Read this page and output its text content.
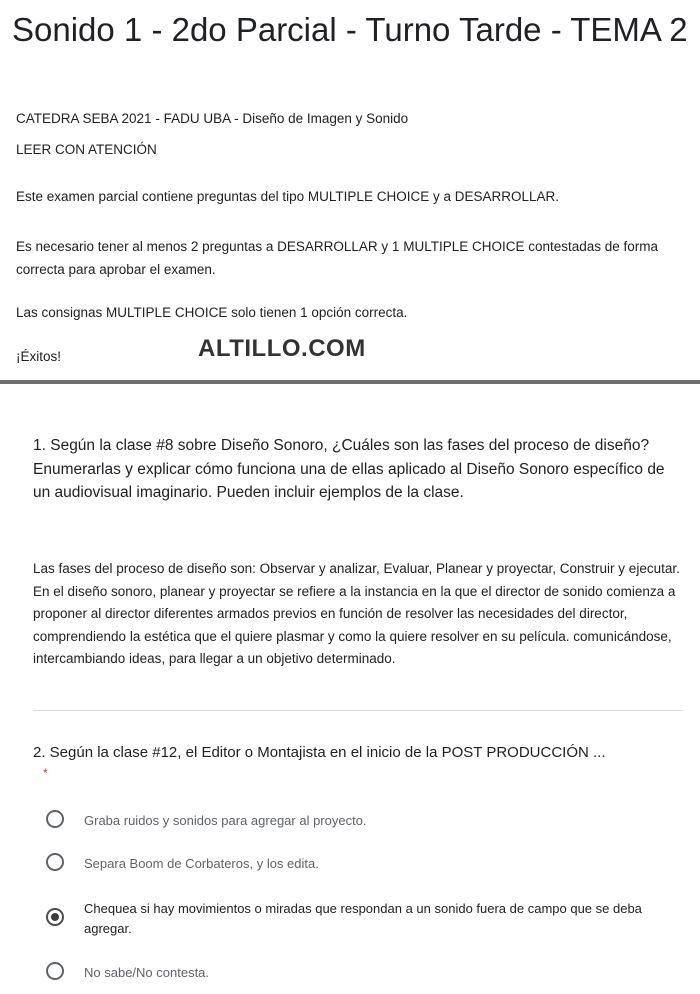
Sonido 1 - 2do Parcial - Turno Tarde - TEMA 2
CATEDRA SEBA 2021 - FADU UBA - Diseño de Imagen y Sonido
LEER CON ATENCIÓN
Este examen parcial contiene preguntas del tipo MULTIPLE CHOICE y a DESARROLLAR.
Es necesario tener al menos 2 preguntas a DESARROLLAR y 1 MULTIPLE CHOICE contestadas de forma correcta para aprobar el examen.
Las consignas MULTIPLE CHOICE solo tienen 1 opción correcta.
¡Éxitos!	ALTILLO.COM
1. Según la clase #8 sobre Diseño Sonoro, ¿Cuáles son las fases del proceso de diseño? Enumerarlas y explicar cómo funciona una de ellas aplicado al Diseño Sonoro específico de un audiovisual imaginario. Pueden incluir ejemplos de la clase.
Las fases del proceso de diseño son: Observar y analizar, Evaluar, Planear y proyectar, Construir y ejecutar.
En el diseño sonoro, planear y proyectar se refiere a la instancia en la que el director de sonido comienza a proponer al director diferentes armados previos en función de resolver las necesidades del director, comprendiendo la estética que el quiere plasmar y como la quiere resolver en su película. comunicándose, intercambiando ideas, para llegar a un objetivo determinado.
2. Según la clase #12, el Editor o Montajista en el inicio de la POST PRODUCCIÓN ...
*
Graba ruidos y sonidos para agregar al proyecto.
Separa Boom de Corbateros, y los edita.
Chequea si hay movimientos o miradas que respondan a un sonido fuera de campo que se deba agregar.
No sabe/No contesta.
